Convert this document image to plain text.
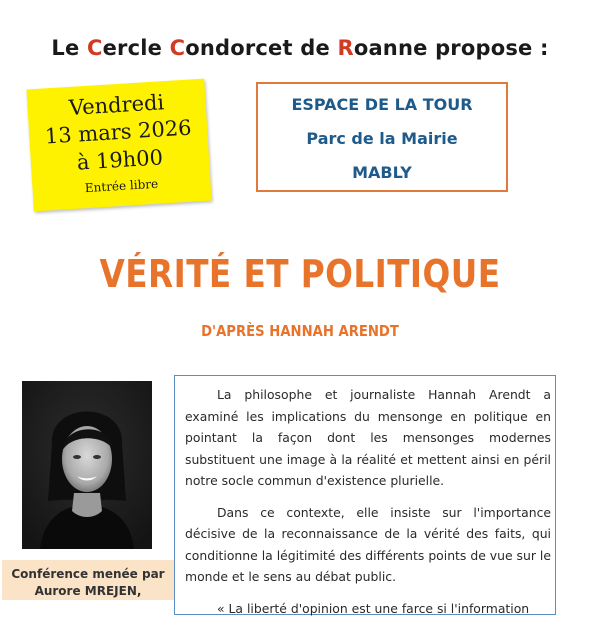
Le Cercle Condorcet de Roanne propose :
Vendredi
13 mars 2026
à 19h00
Entrée libre
ESPACE DE LA TOUR
Parc de la Mairie
MABLY
VÉRITÉ ET POLITIQUE
D'APRÈS HANNAH ARENDT
Conférence menée par
Aurore MREJEN,

La philosophe et journaliste Hannah Arendt a examiné les implications du mensonge en politique en pointant la façon dont les mensonges modernes substituent une image à la réalité et mettent ainsi en péril notre socle commun d'existence plurielle.

Dans ce contexte, elle insiste sur l'importance décisive de la reconnaissance de la vérité des faits, qui conditionne la légitimité des différents points de vue sur le monde et le sens au débat public.

« La liberté d'opinion est une farce si l'information
